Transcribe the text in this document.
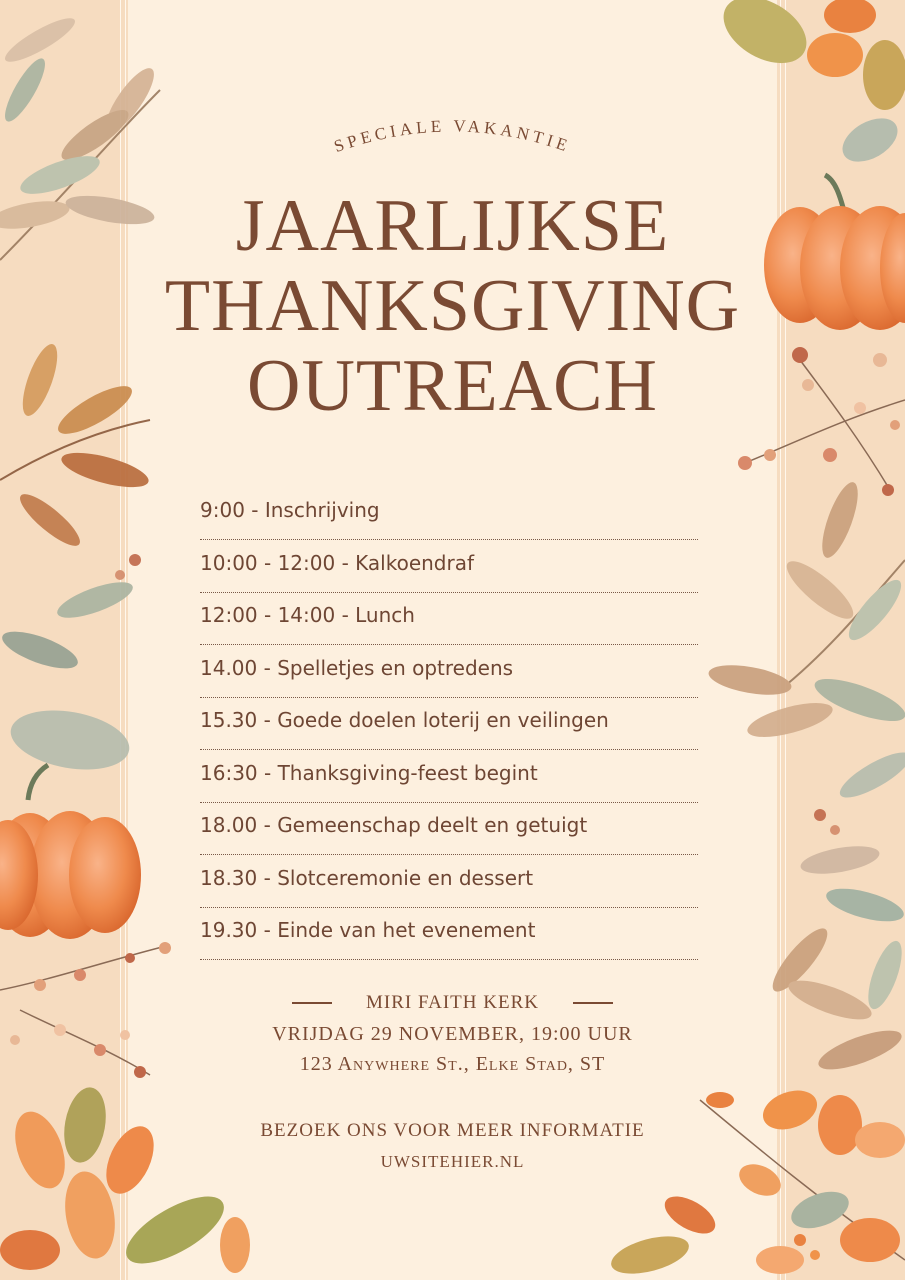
SPECIALE VAKANTIE
JAARLIJKSE
THANKSGIVING
OUTREACH
9:00 - Inschrijving
10:00 - 12:00 - Kalkoendraf
12:00 - 14:00 - Lunch
14.00 - Spelletjes en optredens
15.30 - Goede doelen loterij en veilingen
16:30 - Thanksgiving-feest begint
18.00 - Gemeenschap deelt en getuigt
18.30 - Slotceremonie en dessert
19.30 - Einde van het evenement
MIRI FAITH KERK
VRIJDAG 29 NOVEMBER, 19:00 UUR
123 Anywhere St., Elke Stad, ST
BEZOEK ONS VOOR MEER INFORMATIE
UWSITEHIER.NL
